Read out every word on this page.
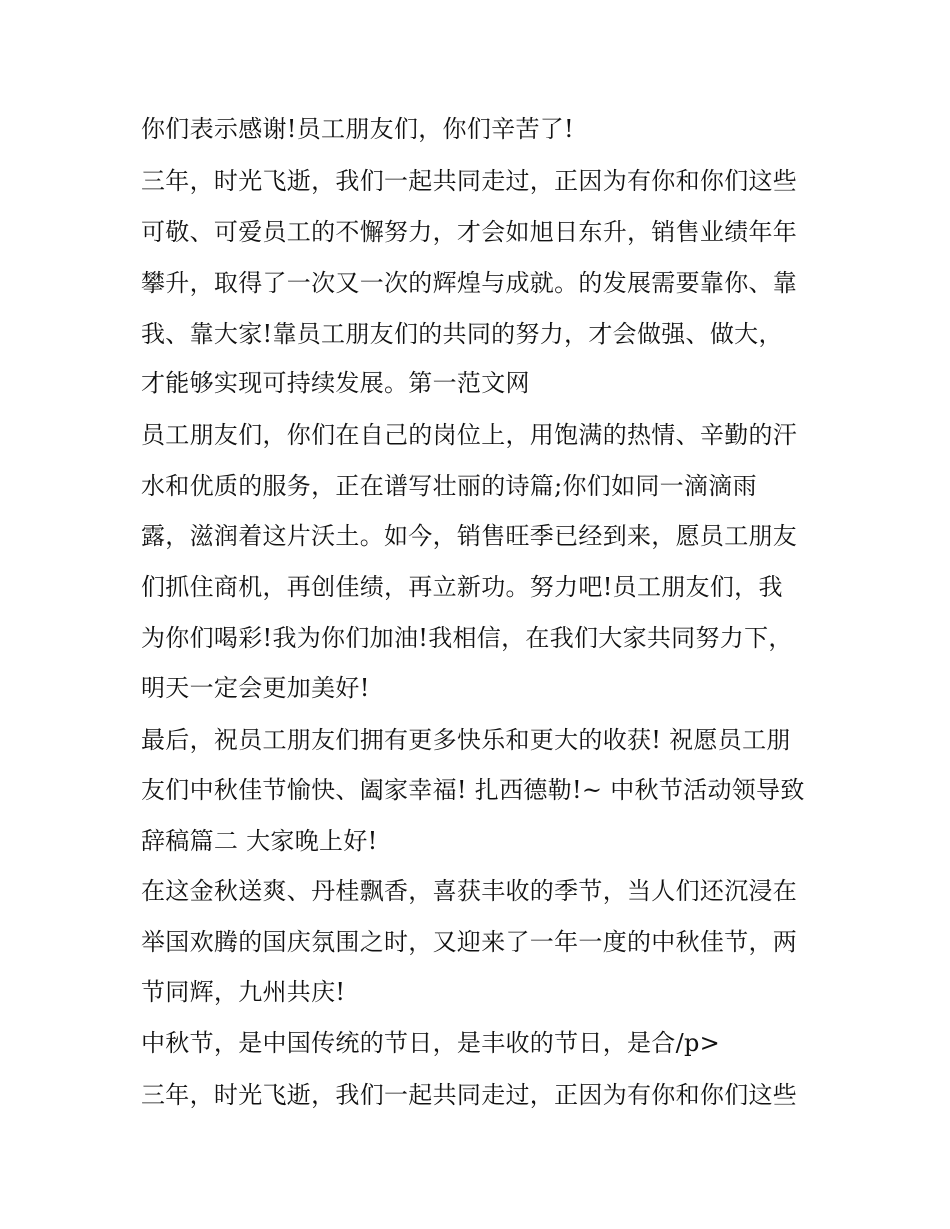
你们表示感谢!员工朋友们，你们辛苦了!
三年，时光飞逝，我们一起共同走过，正因为有你和你们这些
可敬、可爱员工的不懈努力，才会如旭日东升，销售业绩年年
攀升，取得了一次又一次的辉煌与成就。的发展需要靠你、靠
我、靠大家!靠员工朋友们的共同的努力，才会做强、做大，
才能够实现可持续发展。第一范文网
员工朋友们，你们在自己的岗位上，用饱满的热情、辛勤的汗
水和优质的服务，正在谱写壮丽的诗篇;你们如同一滴滴雨
露，滋润着这片沃土。如今，销售旺季已经到来，愿员工朋友
们抓住商机，再创佳绩，再立新功。努力吧!员工朋友们，我
为你们喝彩!我为你们加油!我相信，在我们大家共同努力下，
明天一定会更加美好!
最后，祝员工朋友们拥有更多快乐和更大的收获! 祝愿员工朋
友们中秋佳节愉快、阖家幸福! 扎西德勒!~ 中秋节活动领导致
辞稿篇二 大家晚上好!
在这金秋送爽、丹桂飘香，喜获丰收的季节，当人们还沉浸在
举国欢腾的国庆氛围之时，又迎来了一年一度的中秋佳节，两
节同辉，九州共庆!
中秋节，是中国传统的节日，是丰收的节日，是合/p>
三年，时光飞逝，我们一起共同走过，正因为有你和你们这些
